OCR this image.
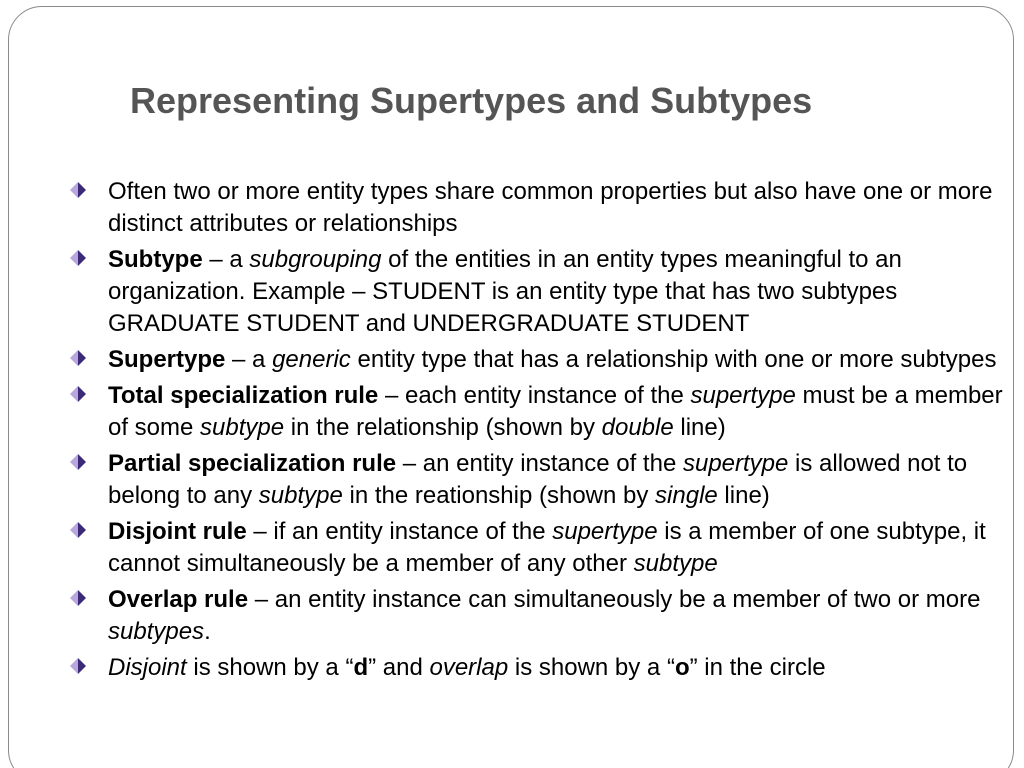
Representing Supertypes and Subtypes
Often two or more entity types share common properties but also have one or more distinct attributes or relationships
Subtype – a subgrouping of the entities in an entity types meaningful to an organization. Example – STUDENT is an entity type that has two subtypes GRADUATE STUDENT and UNDERGRADUATE STUDENT
Supertype – a generic entity type that has a relationship with one or more subtypes
Total specialization rule – each entity instance of the supertype must be a member of some subtype in the relationship (shown by double line)
Partial specialization rule – an entity instance of the supertype is allowed not to belong to any subtype in the reationship (shown by single line)
Disjoint rule – if an entity instance of the supertype is a member of one subtype, it cannot simultaneously be a member of any other subtype
Overlap rule – an entity instance can simultaneously be a member of two or more subtypes.
Disjoint is shown by a “d” and overlap is shown by a “o” in the circle
